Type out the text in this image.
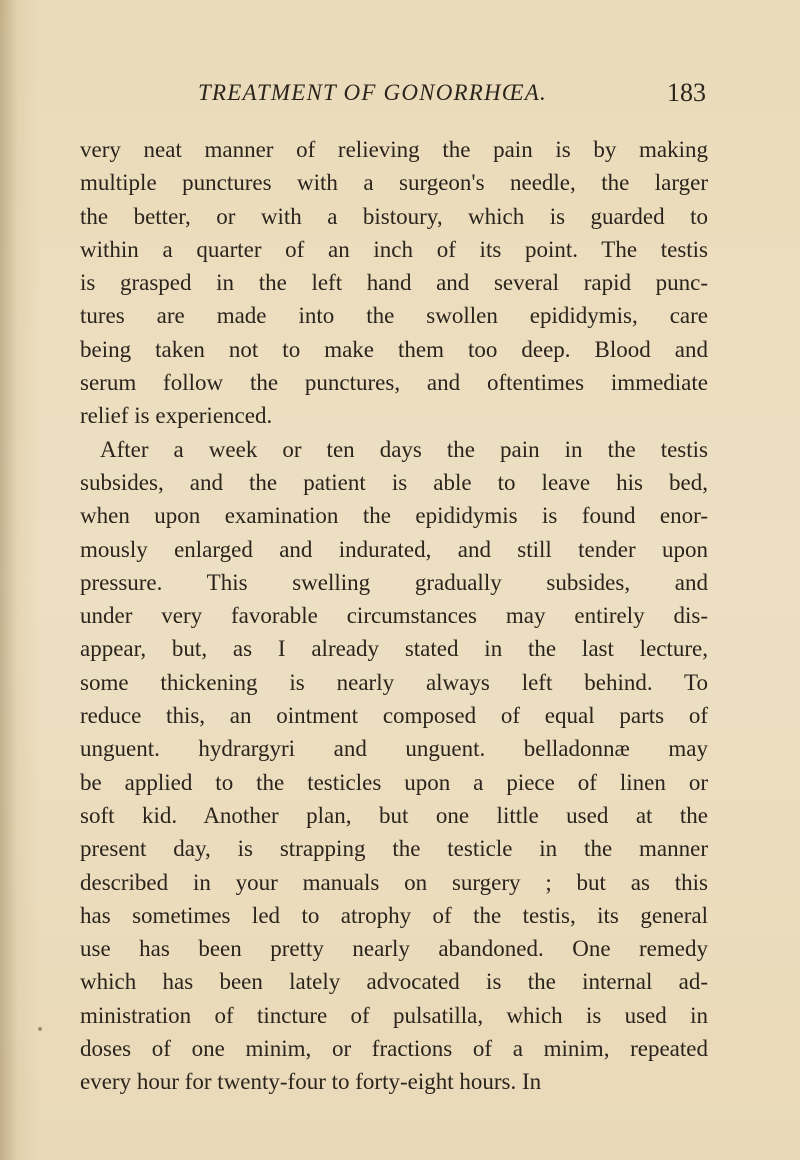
TREATMENT OF GONORRHŒA.	183
very neat manner of relieving the pain is by making
multiple punctures with a surgeon's needle, the larger
the better, or with a bistoury, which is guarded to
within a quarter of an inch of its point. The testis
is grasped in the left hand and several rapid punc-
tures are made into the swollen epididymis, care
being taken not to make them too deep. Blood and
serum follow the punctures, and oftentimes immediate
relief is experienced.
After a week or ten days the pain in the testis
subsides, and the patient is able to leave his bed,
when upon examination the epididymis is found enor-
mously enlarged and indurated, and still tender upon
pressure. This swelling gradually subsides, and
under very favorable circumstances may entirely dis-
appear, but, as I already stated in the last lecture,
some thickening is nearly always left behind. To
reduce this, an ointment composed of equal parts of
unguent. hydrargyri and unguent. belladonnæ may
be applied to the testicles upon a piece of linen or
soft kid. Another plan, but one little used at the
present day, is strapping the testicle in the manner
described in your manuals on surgery ; but as this
has sometimes led to atrophy of the testis, its general
use has been pretty nearly abandoned. One remedy
which has been lately advocated is the internal ad-
ministration of tincture of pulsatilla, which is used in
doses of one minim, or fractions of a minim, repeated
every hour for twenty-four to forty-eight hours. In
